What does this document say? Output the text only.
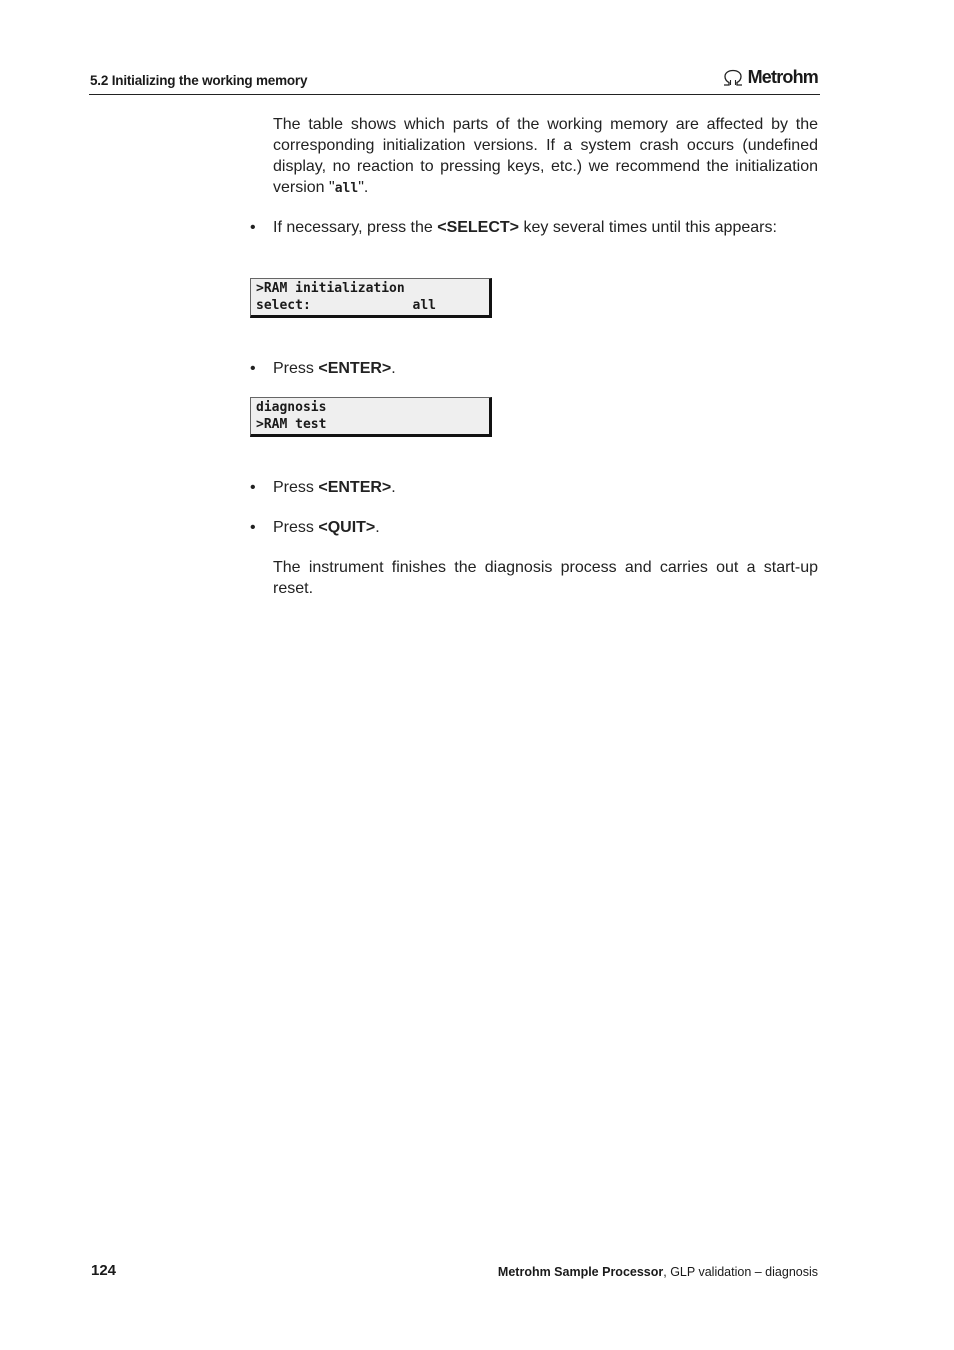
5.2 Initializing the working memory	Metrohm
The table shows which parts of the working memory are affected by the corresponding initialization versions. If a system crash occurs (undefined display, no reaction to pressing keys, etc.) we recommend the initialization version "all".
•	If necessary, press the <SELECT> key several times until this appears:
>RAM initialization
select:             all
•	Press <ENTER>.
diagnosis
>RAM test
•	Press <ENTER>.
•	Press <QUIT>.
The instrument finishes the diagnosis process and carries out a start-up reset.
124	Metrohm Sample Processor, GLP validation – diagnosis
